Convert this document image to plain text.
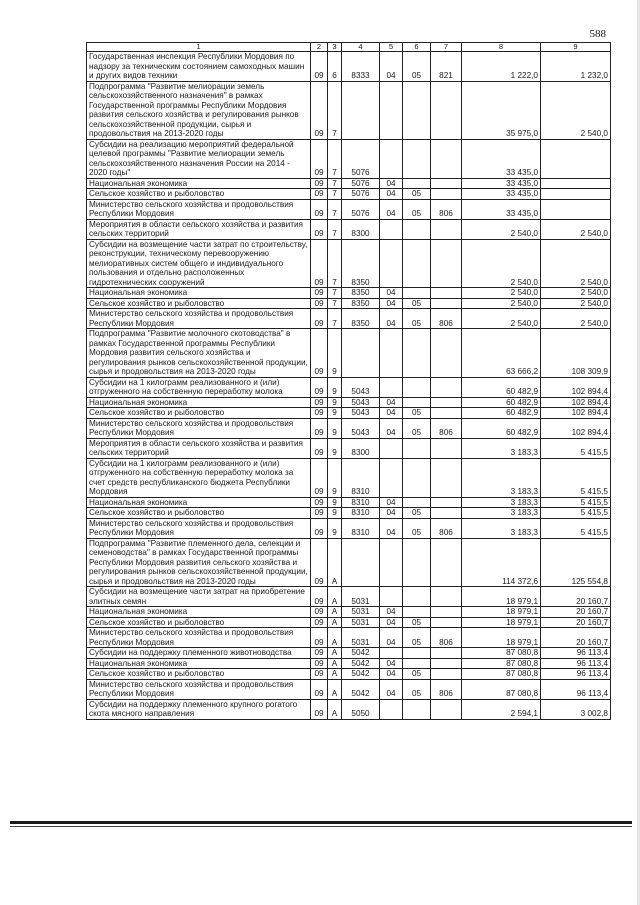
588
1	2	3	4	5	6	7	8	9
Государственная инспекция Республики Мордовия по надзору за техническим состоянием самоходных машин и других видов техники	09	6	8333	04	05	821	1 222,0	1 232,0
Подпрограмма "Развитие мелиорации земель сельскохозяйственного назначения" в рамках Государственной программы Республики Мордовия развития сельского хозяйства и регулирования рынков сельскохозяйственной продукции, сырья и продовольствия на 2013-2020 годы	09	7					35 975,0	2 540,0
Субсидии на реализацию мероприятий федеральной целевой программы "Развитие мелиорации земель сельскохозяйственного назначения России на 2014 - 2020 годы"	09	7	5076				33 435,0	
Национальная экономика	09	7	5076	04			33 435,0	
Сельское хозяйство и рыболовство	09	7	5076	04	05		33 435,0	
Министерство сельского хозяйства и продовольствия Республики Мордовия	09	7	5076	04	05	806	33 435,0	
Мероприятия в области сельского хозяйства и развития сельских территорий	09	7	8300				2 540,0	2 540,0
Субсидии на возмещение части затрат по строительству, реконструкции, техническому перевооружению мелиоративных систем общего и индивидуального пользования и отдельно расположенных гидротехнических сооружений	09	7	8350				2 540,0	2 540,0
Национальная экономика	09	7	8350	04			2 540,0	2 540,0
Сельское хозяйство и рыболовство	09	7	8350	04	05		2 540,0	2 540,0
Министерство сельского хозяйства и продовольствия Республики Мордовия	09	7	8350	04	05	806	2 540,0	2 540,0
Подпрограмма "Развитие молочного скотоводства" в рамках Государственной программы Республики Мордовия развития сельского хозяйства и регулирования рынков сельскохозяйственной продукции, сырья и продовольствия на 2013-2020 годы	09	9					63 666,2	108 309,9
Субсидии на 1 килограмм реализованного и (или) отгруженного на собственную переработку молока	09	9	5043				60 482,9	102 894,4
Национальная экономика	09	9	5043	04			60 482,9	102 894,4
Сельское хозяйство и рыболовство	09	9	5043	04	05		60 482,9	102 894,4
Министерство сельского хозяйства и продовольствия Республики Мордовия	09	9	5043	04	05	806	60 482,9	102 894,4
Мероприятия в области сельского хозяйства и развития сельских территорий	09	9	8300				3 183,3	5 415,5
Субсидии на 1 килограмм реализованного и (или) отгруженного на собственную переработку молока за счет средств республиканского бюджета Республики Мордовия	09	9	8310				3 183,3	5 415,5
Национальная экономика	09	9	8310	04			3 183,3	5 415,5
Сельское хозяйство и рыболовство	09	9	8310	04	05		3 183,3	5 415,5
Министерство сельского хозяйства и продовольствия Республики Мордовия	09	9	8310	04	05	806	3 183,3	5 415,5
Подпрограмма "Развитие племенного дела, селекции и семеноводства" в рамках Государственной программы Республики Мордовия развития сельского хозяйства и регулирования рынков сельскохозяйственной продукции, сырья и продовольствия на 2013-2020 годы	09	А					114 372,6	125 554,8
Субсидии на возмещение части затрат на приобретение элитных семян	09	А	5031				18 979,1	20 160,7
Национальная экономика	09	А	5031	04			18 979,1	20 160,7
Сельское хозяйство и рыболовство	09	А	5031	04	05		18 979,1	20 160,7
Министерство сельского хозяйства и продовольствия Республики Мордовия	09	А	5031	04	05	806	18 979,1	20 160,7
Субсидии на поддержку племенного животноводства	09	А	5042				87 080,8	96 113,4
Национальная экономика	09	А	5042	04			87 080,8	96 113,4
Сельское хозяйство и рыболовство	09	А	5042	04	05		87 080,8	96 113,4
Министерство сельского хозяйства и продовольствия Республики Мордовия	09	А	5042	04	05	806	87 080,8	96 113,4
Субсидии на поддержку племенного крупного рогатого скота мясного направления	09	А	5050				2 594,1	3 002,8
